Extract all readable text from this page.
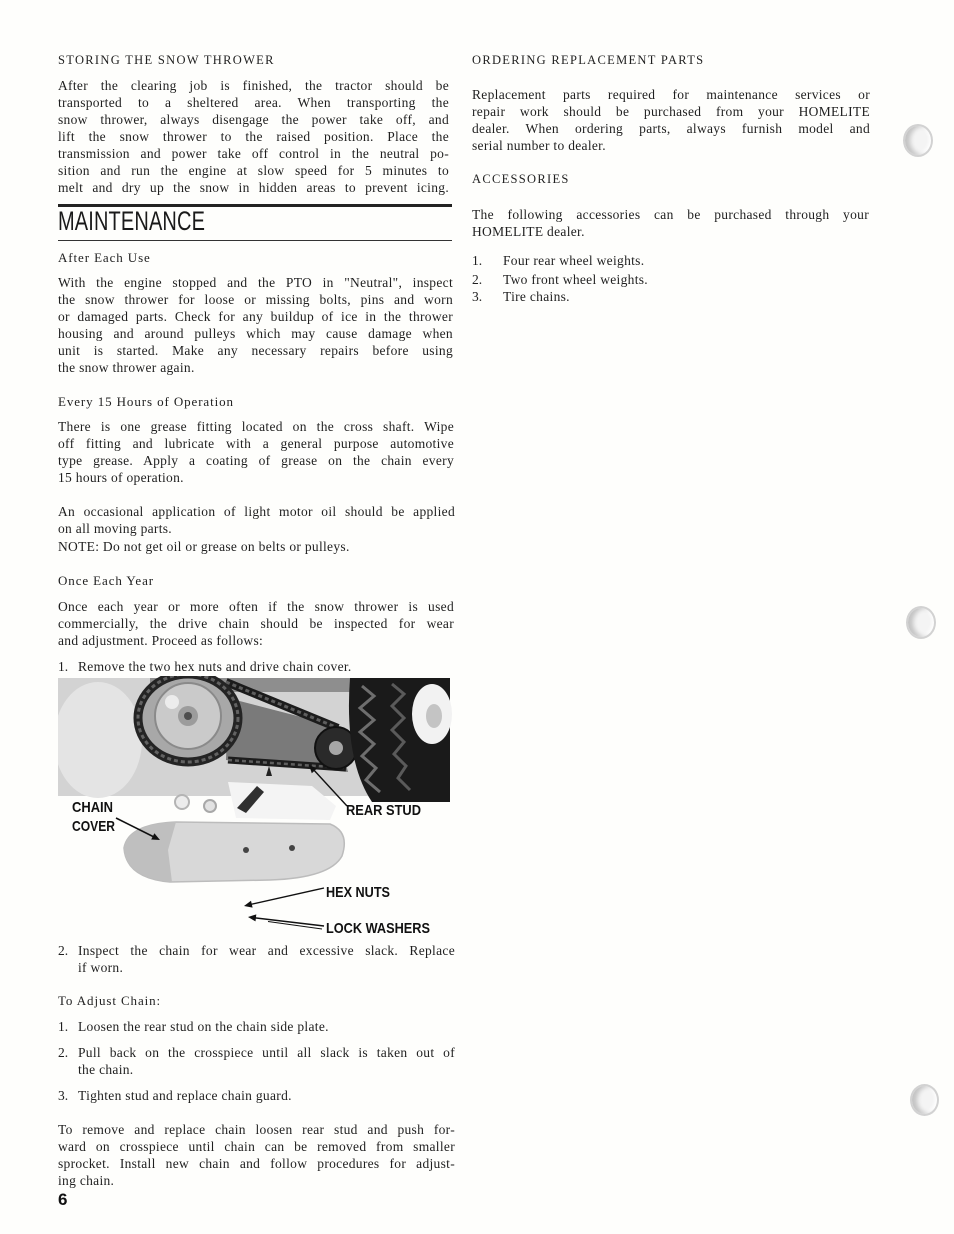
STORING THE SNOW THROWER
After the clearing job is finished, the tractor should be
transported to a sheltered area. When transporting the
snow thrower, always disengage the power take off, and
lift the snow thrower to the raised position. Place the
transmission and power take off control in the neutral po-
sition and run the engine at slow speed for 5 minutes to
melt and dry up the snow in hidden areas to prevent icing.
MAINTENANCE
After Each Use
With the engine stopped and the PTO in "Neutral", inspect
the snow thrower for loose or missing bolts, pins and worn
or damaged parts. Check for any buildup of ice in the thrower
housing and around pulleys which may cause damage when
unit is started. Make any necessary repairs before using
the snow thrower again.
Every 15 Hours of Operation
There is one grease fitting located on the cross shaft. Wipe
off fitting and lubricate with a general purpose automotive
type grease. Apply a coating of grease on the chain every
15 hours of operation.
An occasional application of light motor oil should be applied
on all moving parts.
NOTE: Do not get oil or grease on belts or pulleys.
Once Each Year
Once each year or more often if the snow thrower is used
commercially, the drive chain should be inspected for wear
and adjustment. Proceed as follows:
1. Remove the two hex nuts and drive chain cover.
CHAIN
COVER
REAR STUD
HEX NUTS
LOCK WASHERS
2. Inspect the chain for wear and excessive slack. Replace
if worn.
To Adjust Chain:
1. Loosen the rear stud on the chain side plate.
2. Pull back on the crosspiece until all slack is taken out of
the chain.
3. Tighten stud and replace chain guard.
To remove and replace chain loosen rear stud and push for-
ward on crosspiece until chain can be removed from smaller
sprocket. Install new chain and follow procedures for adjust-
ing chain.
6
ORDERING REPLACEMENT PARTS
Replacement parts required for maintenance services or
repair work should be purchased from your HOMELITE
dealer. When ordering parts, always furnish model and
serial number to dealer.
ACCESSORIES
The following accessories can be purchased through your
HOMELITE dealer.
1. Four rear wheel weights.
2. Two front wheel weights.
3. Tire chains.
